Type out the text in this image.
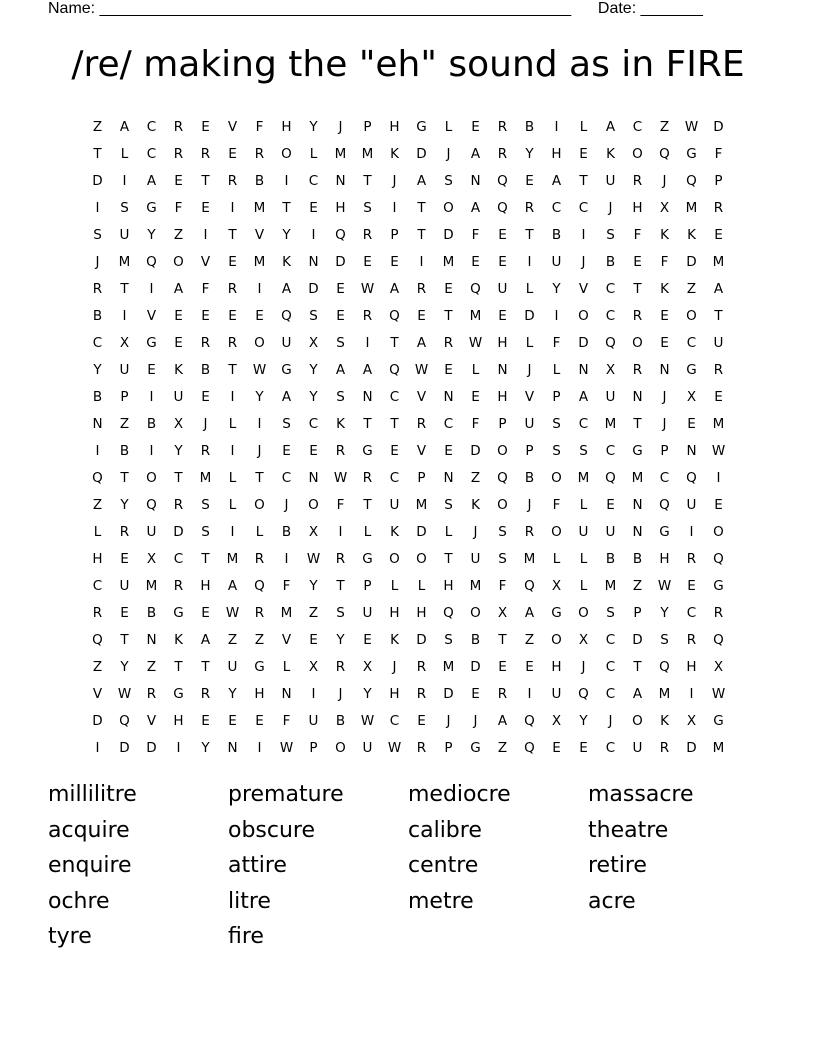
Name: _____________________________________________________ Date: _______
/re/ making the "eh" sound as in FIRE
Z	A	C	R	E	V	F	H	Y	J	P	H	G	L	E	R	B	I	L	A	C	Z	W	D
T	L	C	R	R	E	R	O	L	M	M	K	D	J	A	R	Y	H	E	K	O	Q	G	F
D	I	A	E	T	R	B	I	C	N	T	J	A	S	N	Q	E	A	T	U	R	J	Q	P
I	S	G	F	E	I	M	T	E	H	S	I	T	O	A	Q	R	C	C	J	H	X	M	R
S	U	Y	Z	I	T	V	Y	I	Q	R	P	T	D	F	E	T	B	I	S	F	K	K	E
J	M	Q	O	V	E	M	K	N	D	E	E	I	M	E	E	I	U	J	B	E	F	D	M
R	T	I	A	F	R	I	A	D	E	W	A	R	E	Q	U	L	Y	V	C	T	K	Z	A
B	I	V	E	E	E	E	Q	S	E	R	Q	E	T	M	E	D	I	O	C	R	E	O	T
C	X	G	E	R	R	O	U	X	S	I	T	A	R	W	H	L	F	D	Q	O	E	C	U
Y	U	E	K	B	T	W	G	Y	A	A	Q	W	E	L	N	J	L	N	X	R	N	G	R
B	P	I	U	E	I	Y	A	Y	S	N	C	V	N	E	H	V	P	A	U	N	J	X	E
N	Z	B	X	J	L	I	S	C	K	T	T	R	C	F	P	U	S	C	M	T	J	E	M
I	B	I	Y	R	I	J	E	E	R	G	E	V	E	D	O	P	S	S	C	G	P	N	W
Q	T	O	T	M	L	T	C	N	W	R	C	P	N	Z	Q	B	O	M	Q	M	C	Q	I
Z	Y	Q	R	S	L	O	J	O	F	T	U	M	S	K	O	J	F	L	E	N	Q	U	E
L	R	U	D	S	I	L	B	X	I	L	K	D	L	J	S	R	O	U	U	N	G	I	O
H	E	X	C	T	M	R	I	W	R	G	O	O	T	U	S	M	L	L	B	B	H	R	Q
C	U	M	R	H	A	Q	F	Y	T	P	L	L	H	M	F	Q	X	L	M	Z	W	E	G
R	E	B	G	E	W	R	M	Z	S	U	H	H	Q	O	X	A	G	O	S	P	Y	C	R
Q	T	N	K	A	Z	Z	V	E	Y	E	K	D	S	B	T	Z	O	X	C	D	S	R	Q
Z	Y	Z	T	T	U	G	L	X	R	X	J	R	M	D	E	E	H	J	C	T	Q	H	X
V	W	R	G	R	Y	H	N	I	J	Y	H	R	D	E	R	I	U	Q	C	A	M	I	W
D	Q	V	H	E	E	E	F	U	B	W	C	E	J	J	A	Q	X	Y	J	O	K	X	G
I	D	D	I	Y	N	I	W	P	O	U	W	R	P	G	Z	Q	E	E	C	U	R	D	M
millilitre	premature	mediocre	massacre
acquire	obscure	calibre	theatre
enquire	attire	centre	retire
ochre	litre	metre	acre
tyre	fire
